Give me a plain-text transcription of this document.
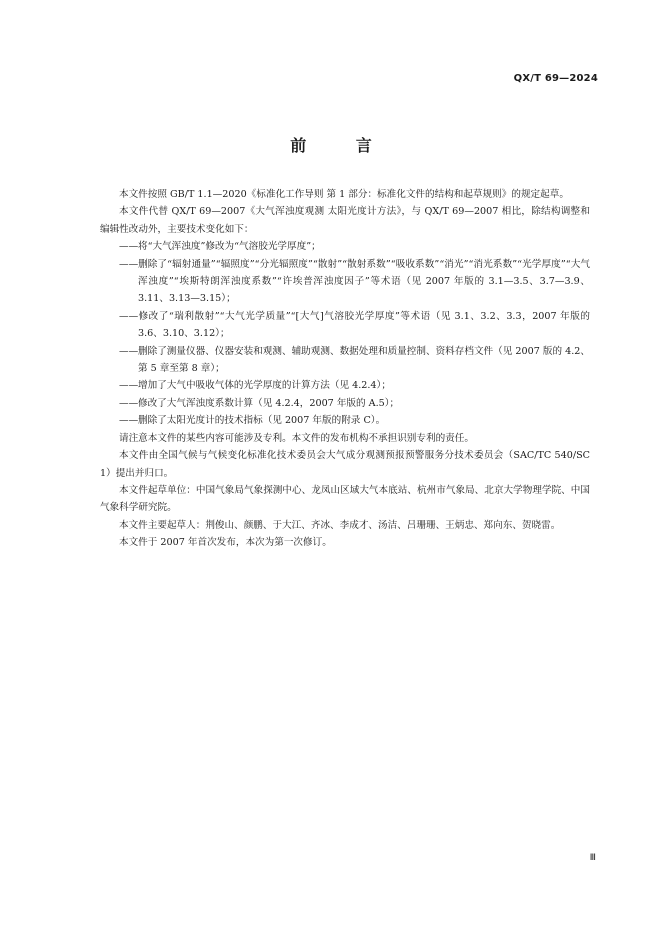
QX/T 69—2024
前 言

本文件按照 GB/T 1.1—2020《标准化工作导则 第 1 部分：标准化文件的结构和起草规则》的规定起草。

本文件代替 QX/T 69—2007《大气浑浊度观测 太阳光度计方法》，与 QX/T 69—2007 相比，除结构调整和编辑性改动外，主要技术变化如下：

——将“大气浑浊度”修改为“气溶胶光学厚度”；

——删除了“辐射通量”“辐照度”“分光辐照度”“散射”“散射系数”“吸收系数”“消光”“消光系数”“光学厚度”“大气浑浊度”“埃斯特朗浑浊度系数”“许埃普浑浊度因子”等术语（见 2007 年版的 3.1—3.5、3.7—3.9、3.11、3.13—3.15）；

——修改了“瑞利散射”“大气光学质量”“[大气]气溶胶光学厚度”等术语（见 3.1、3.2、3.3，2007 年版的 3.6、3.10、3.12）；

——删除了测量仪器、仪器安装和观测、辅助观测、数据处理和质量控制、资料存档文件（见 2007 版的 4.2、第 5 章至第 8 章）；

——增加了大气中吸收气体的光学厚度的计算方法（见 4.2.4）；

——修改了大气浑浊度系数计算（见 4.2.4，2007 年版的 A.5）；

——删除了太阳光度计的技术指标（见 2007 年版的附录 C）。

请注意本文件的某些内容可能涉及专利。本文件的发布机构不承担识别专利的责任。

本文件由全国气候与气候变化标准化技术委员会大气成分观测预报预警服务分技术委员会（SAC/TC 540/SC 1）提出并归口。

本文件起草单位：中国气象局气象探测中心、龙凤山区域大气本底站、杭州市气象局、北京大学物理学院、中国气象科学研究院。

本文件主要起草人：荆俊山、颜鹏、于大江、齐冰、李成才、汤洁、吕珊珊、王炳忠、郑向东、贺晓雷。

本文件于 2007 年首次发布，本次为第一次修订。

Ⅲ
